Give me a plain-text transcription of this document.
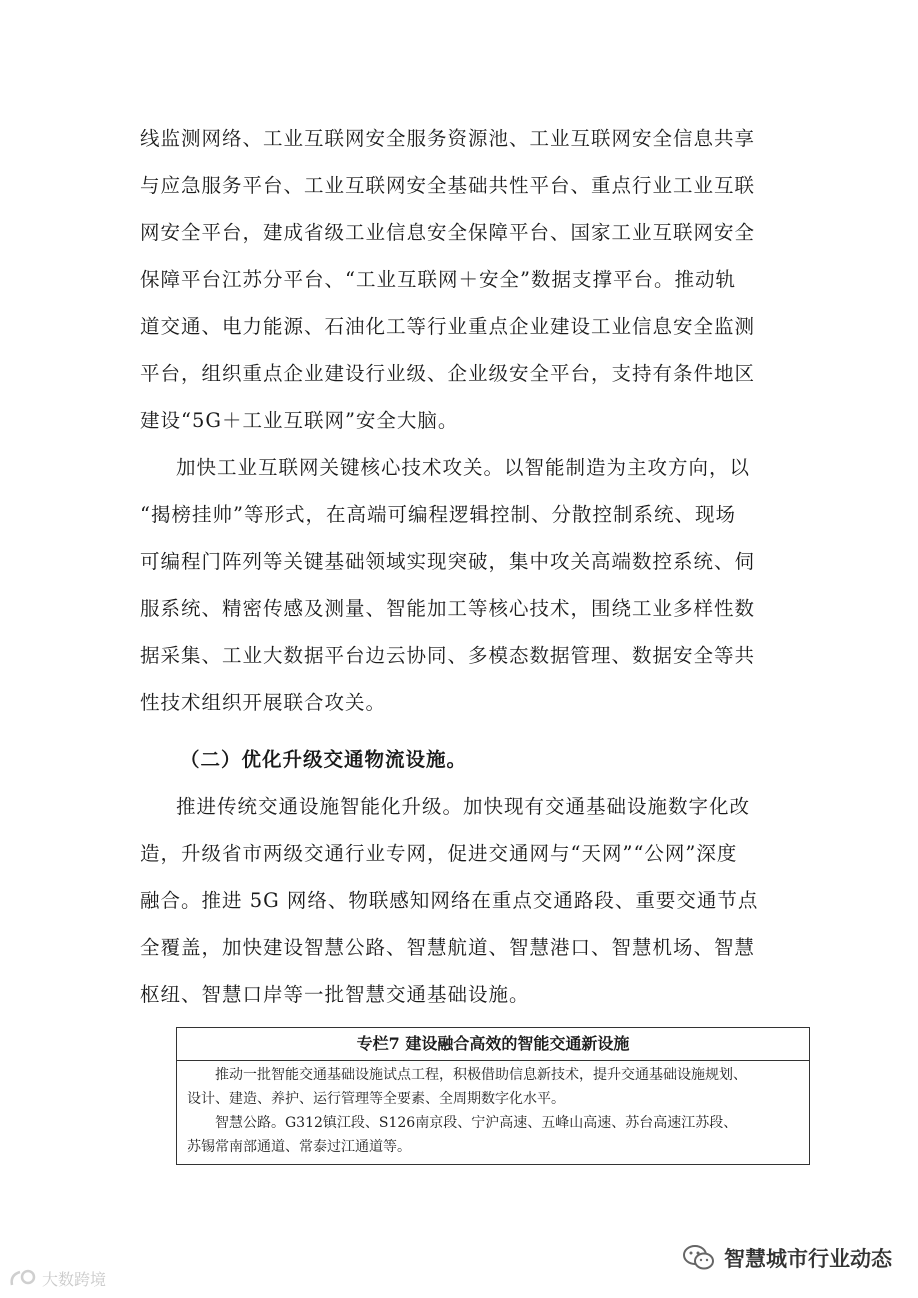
线监测网络、工业互联网安全服务资源池、工业互联网安全信息共享
与应急服务平台、工业互联网安全基础共性平台、重点行业工业互联
网安全平台，建成省级工业信息安全保障平台、国家工业互联网安全
保障平台江苏分平台、“工业互联网＋安全”数据支撑平台。推动轨
道交通、电力能源、石油化工等行业重点企业建设工业信息安全监测
平台，组织重点企业建设行业级、企业级安全平台，支持有条件地区
建设“5G＋工业互联网”安全大脑。
加快工业互联网关键核心技术攻关。以智能制造为主攻方向，以
“揭榜挂帅”等形式，在高端可编程逻辑控制、分散控制系统、现场
可编程门阵列等关键基础领域实现突破，集中攻关高端数控系统、伺
服系统、精密传感及测量、智能加工等核心技术，围绕工业多样性数
据采集、工业大数据平台边云协同、多模态数据管理、数据安全等共
性技术组织开展联合攻关。
（二）优化升级交通物流设施。
推进传统交通设施智能化升级。加快现有交通基础设施数字化改
造，升级省市两级交通行业专网，促进交通网与“天网”“公网”深度
融合。推进 5G 网络、物联感知网络在重点交通路段、重要交通节点
全覆盖，加快建设智慧公路、智慧航道、智慧港口、智慧机场、智慧
枢纽、智慧口岸等一批智慧交通基础设施。
专栏7 建设融合高效的智能交通新设施
推动一批智能交通基础设施试点工程，积极借助信息新技术，提升交通基础设施规划、
设计、建造、养护、运行管理等全要素、全周期数字化水平。
智慧公路。G312镇江段、S126南京段、宁沪高速、五峰山高速、苏台高速江苏段、
苏锡常南部通道、常泰过江通道等。
大数跨境
智慧城市行业动态
